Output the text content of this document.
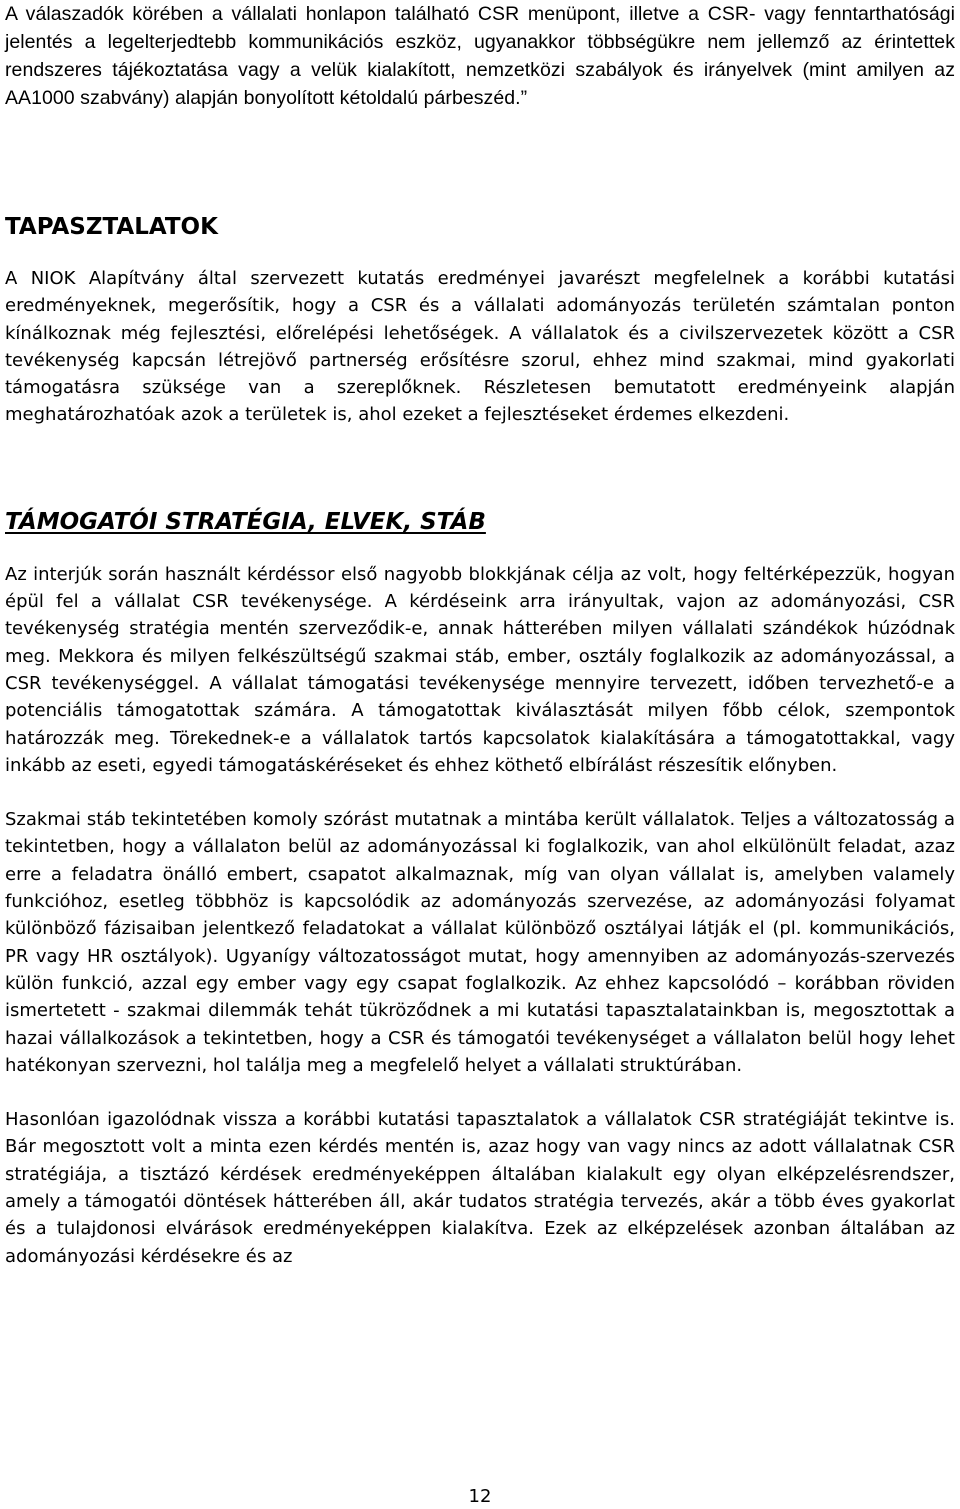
A válaszadók körében a vállalati honlapon található CSR menüpont, illetve a CSR- vagy fenntarthatósági jelentés a legelterjedtebb kommunikációs eszköz, ugyanakkor többségükre nem jellemző az érintettek rendszeres tájékoztatása vagy a velük kialakított, nemzetközi szabályok és irányelvek (mint amilyen az AA1000 szabvány) alapján bonyolított kétoldalú párbeszéd.”

TAPASZTALATOK

A NIOK Alapítvány által szervezett kutatás eredményei javarészt megfelelnek a korábbi kutatási eredményeknek, megerősítik, hogy a CSR és a vállalati adományozás területén számtalan ponton kínálkoznak még fejlesztési, előrelépési lehetőségek. A vállalatok és a civilszervezetek között a CSR tevékenység kapcsán létrejövő partnerség erősítésre szorul, ehhez mind szakmai, mind gyakorlati támogatásra szüksége van a szereplőknek. Részletesen bemutatott eredményeink alapján meghatározhatóak azok a területek is, ahol ezeket a fejlesztéseket érdemes elkezdeni.

TÁMOGATÓI STRATÉGIA, ELVEK, STÁB

Az interjúk során használt kérdéssor első nagyobb blokkjának célja az volt, hogy feltérképezzük, hogyan épül fel a vállalat CSR tevékenysége. A kérdéseink arra irányultak, vajon az adományozási, CSR tevékenység stratégia mentén szerveződik-e, annak hátterében milyen vállalati szándékok húzódnak meg. Mekkora és milyen felkészültségű szakmai stáb, ember, osztály foglalkozik az adományozással, a CSR tevékenységgel. A vállalat támogatási tevékenysége mennyire tervezett, időben tervezhető-e a potenciális támogatottak számára. A támogatottak kiválasztását milyen főbb célok, szempontok határozzák meg. Törekednek-e a vállalatok tartós kapcsolatok kialakítására a támogatottakkal, vagy inkább az eseti, egyedi támogatáskéréseket és ehhez köthető elbírálást részesítik előnyben.

Szakmai stáb tekintetében komoly szórást mutatnak a mintába került vállalatok. Teljes a változatosság a tekintetben, hogy a vállalaton belül az adományozással ki foglalkozik, van ahol elkülönült feladat, azaz erre a feladatra önálló embert, csapatot alkalmaznak, míg van olyan vállalat is, amelyben valamely funkcióhoz, esetleg többhöz is kapcsolódik az adományozás szervezése, az adományozási folyamat különböző fázisaiban jelentkező feladatokat a vállalat különböző osztályai látják el (pl. kommunikációs, PR vagy HR osztályok). Ugyanígy változatosságot mutat, hogy amennyiben az adományozás-szervezés külön funkció, azzal egy ember vagy egy csapat foglalkozik. Az ehhez kapcsolódó – korábban röviden ismertetett - szakmai dilemmák tehát tükröződnek a mi kutatási tapasztalatainkban is, megosztottak a hazai vállalkozások a tekintetben, hogy a CSR és támogatói tevékenységet a vállalaton belül hogy lehet hatékonyan szervezni, hol találja meg a megfelelő helyet a vállalati struktúrában.

Hasonlóan igazolódnak vissza a korábbi kutatási tapasztalatok a vállalatok CSR stratégiáját tekintve is. Bár megosztott volt a minta ezen kérdés mentén is, azaz hogy van vagy nincs az adott vállalatnak CSR stratégiája, a tisztázó kérdések eredményeképpen általában kialakult egy olyan elképzelésrendszer, amely a támogatói döntések hátterében áll, akár tudatos stratégia tervezés, akár a több éves gyakorlat és a tulajdonosi elvárások eredményeképpen kialakítva. Ezek az elképzelések azonban általában az adományozási kérdésekre és az

12
